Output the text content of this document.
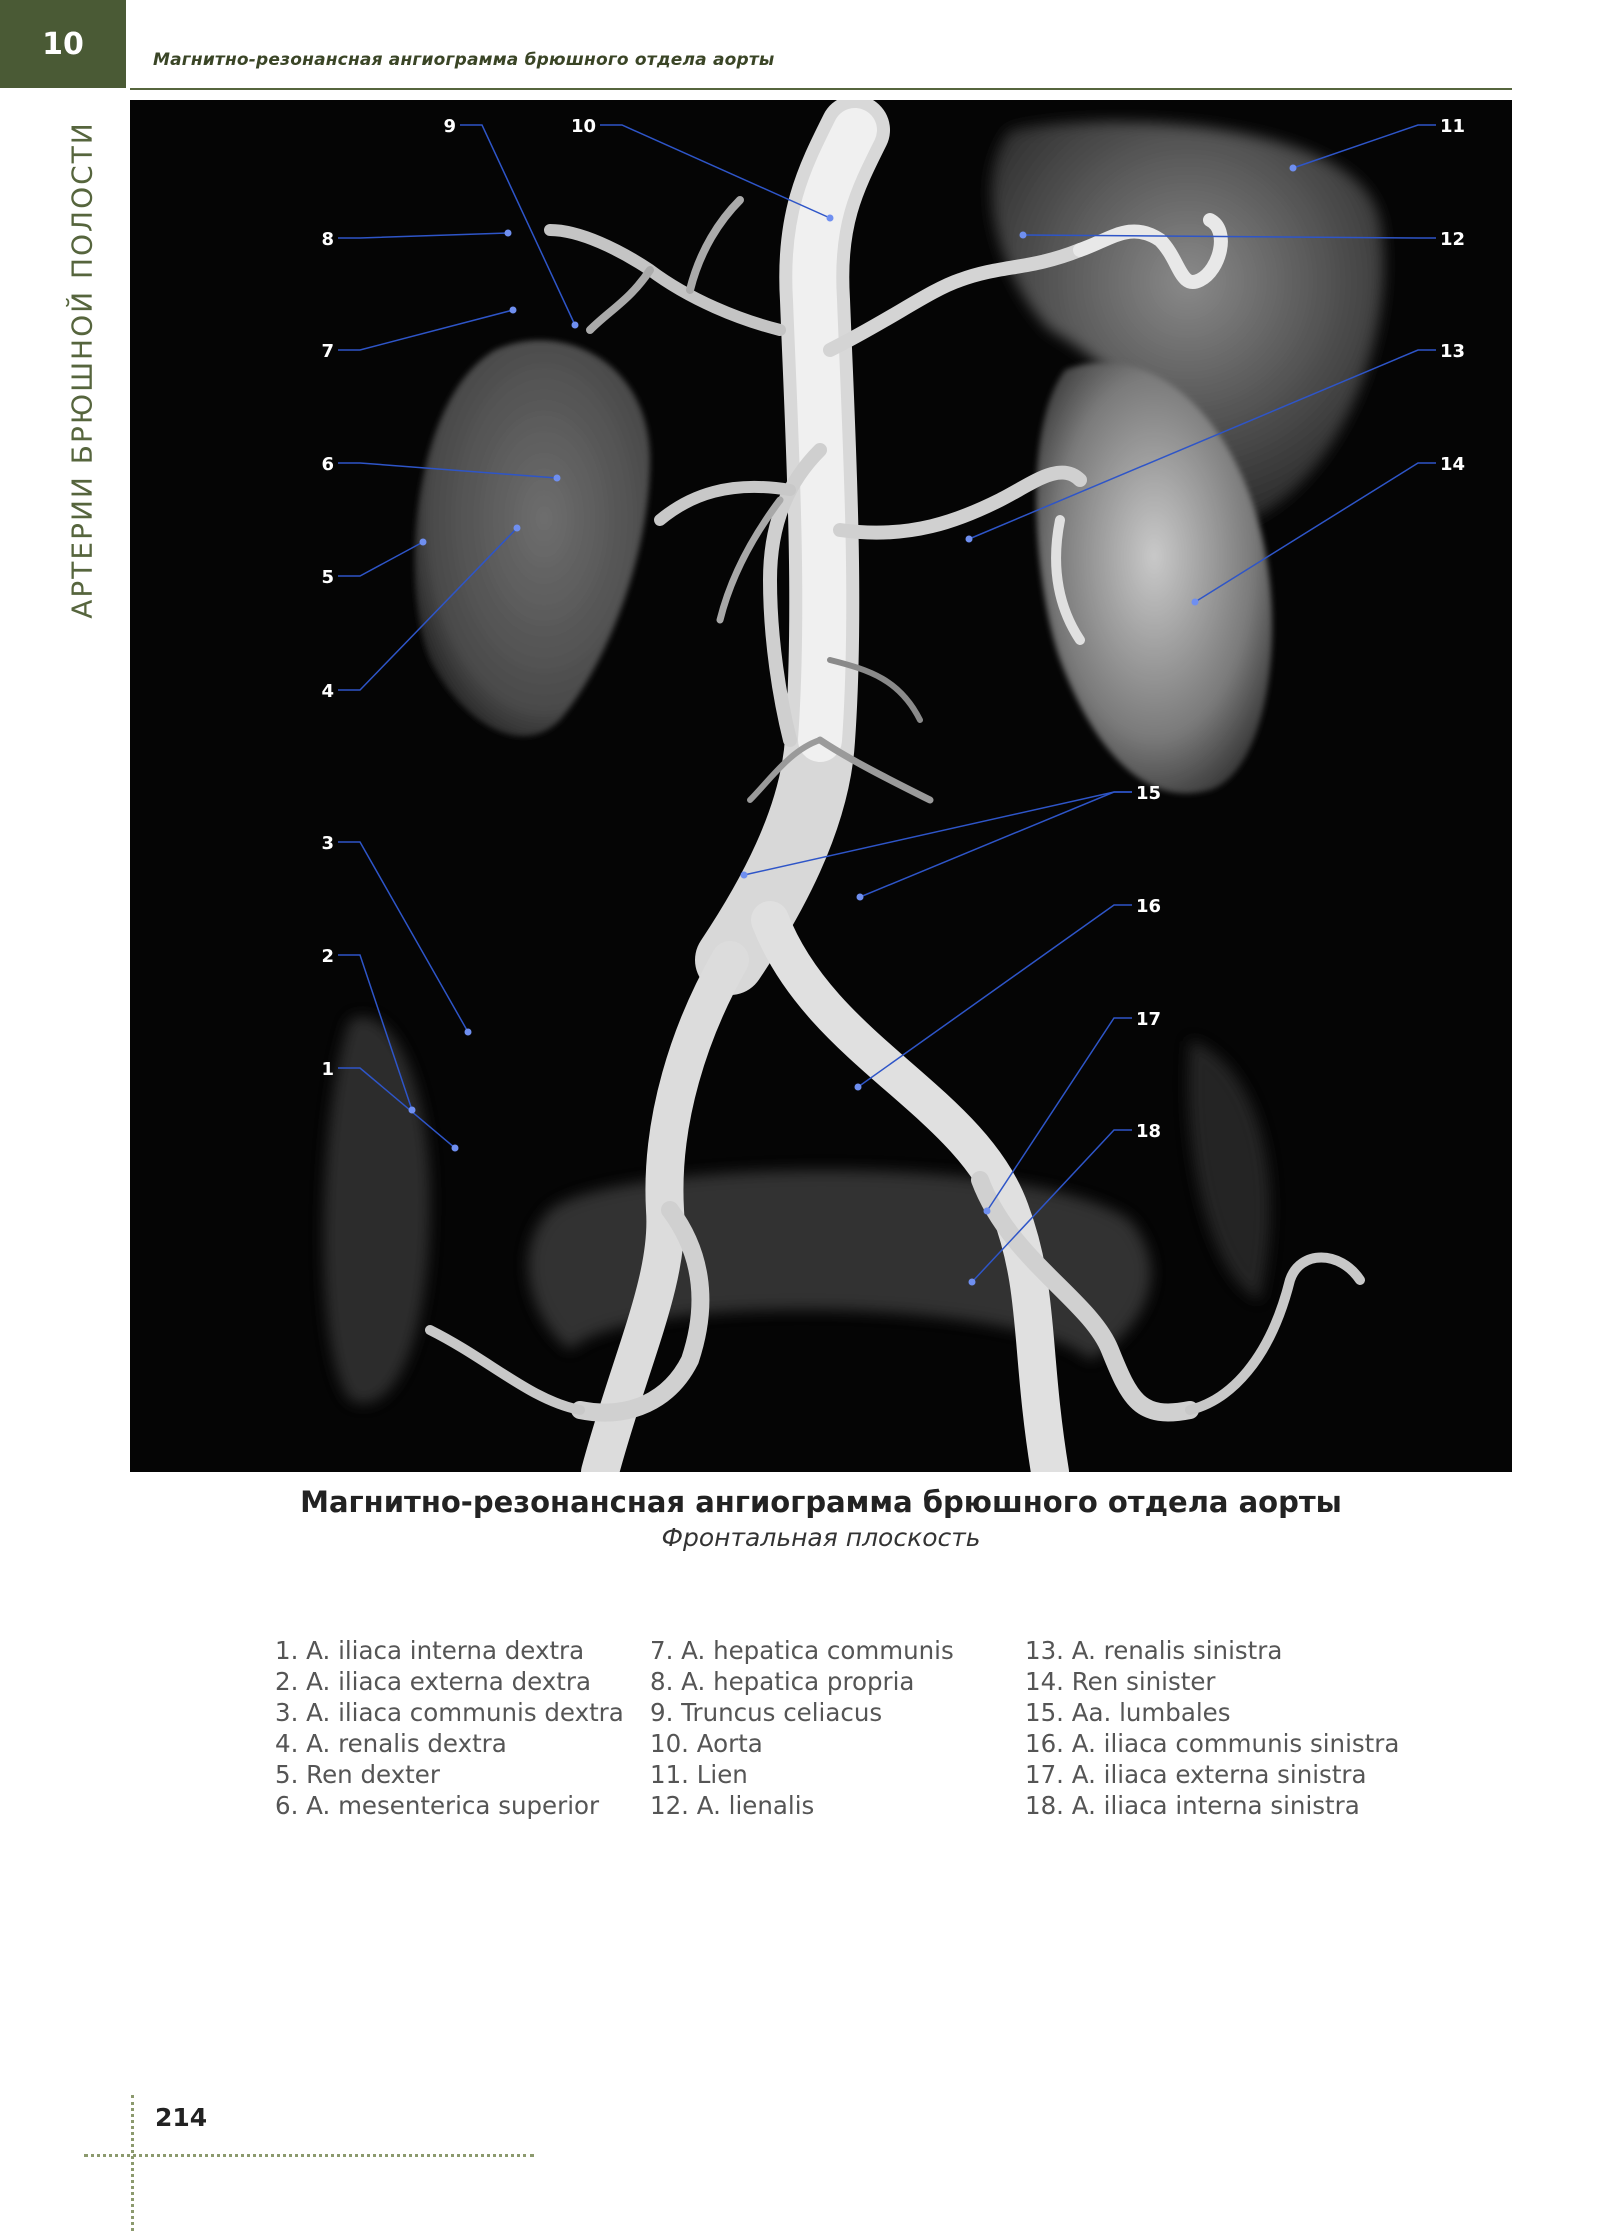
10	Магнитно-резонансная ангиограмма брюшного отдела аорты
АРТЕРИИ БРЮШНОЙ ПОЛОСТИ
1
2
3
4
5
6
7
8
9	10	11
12
13
14
15
16
17
18
Магнитно-резонансная ангиограмма брюшного отдела аорты
Фронтальная плоскость
1. A. iliaca interna dextra
2. A. iliaca externa dextra
3. A. iliaca communis dextra
4. A. renalis dextra
5. Ren dexter
6. A. mesenterica superior
7. A. hepatica communis
8. A. hepatica propria
9. Truncus celiacus
10. Aorta
11. Lien
12. A. lienalis
13. A. renalis sinistra
14. Ren sinister
15. Aa. lumbales
16. A. iliaca communis sinistra
17. A. iliaca externa sinistra
18. A. iliaca interna sinistra
214
